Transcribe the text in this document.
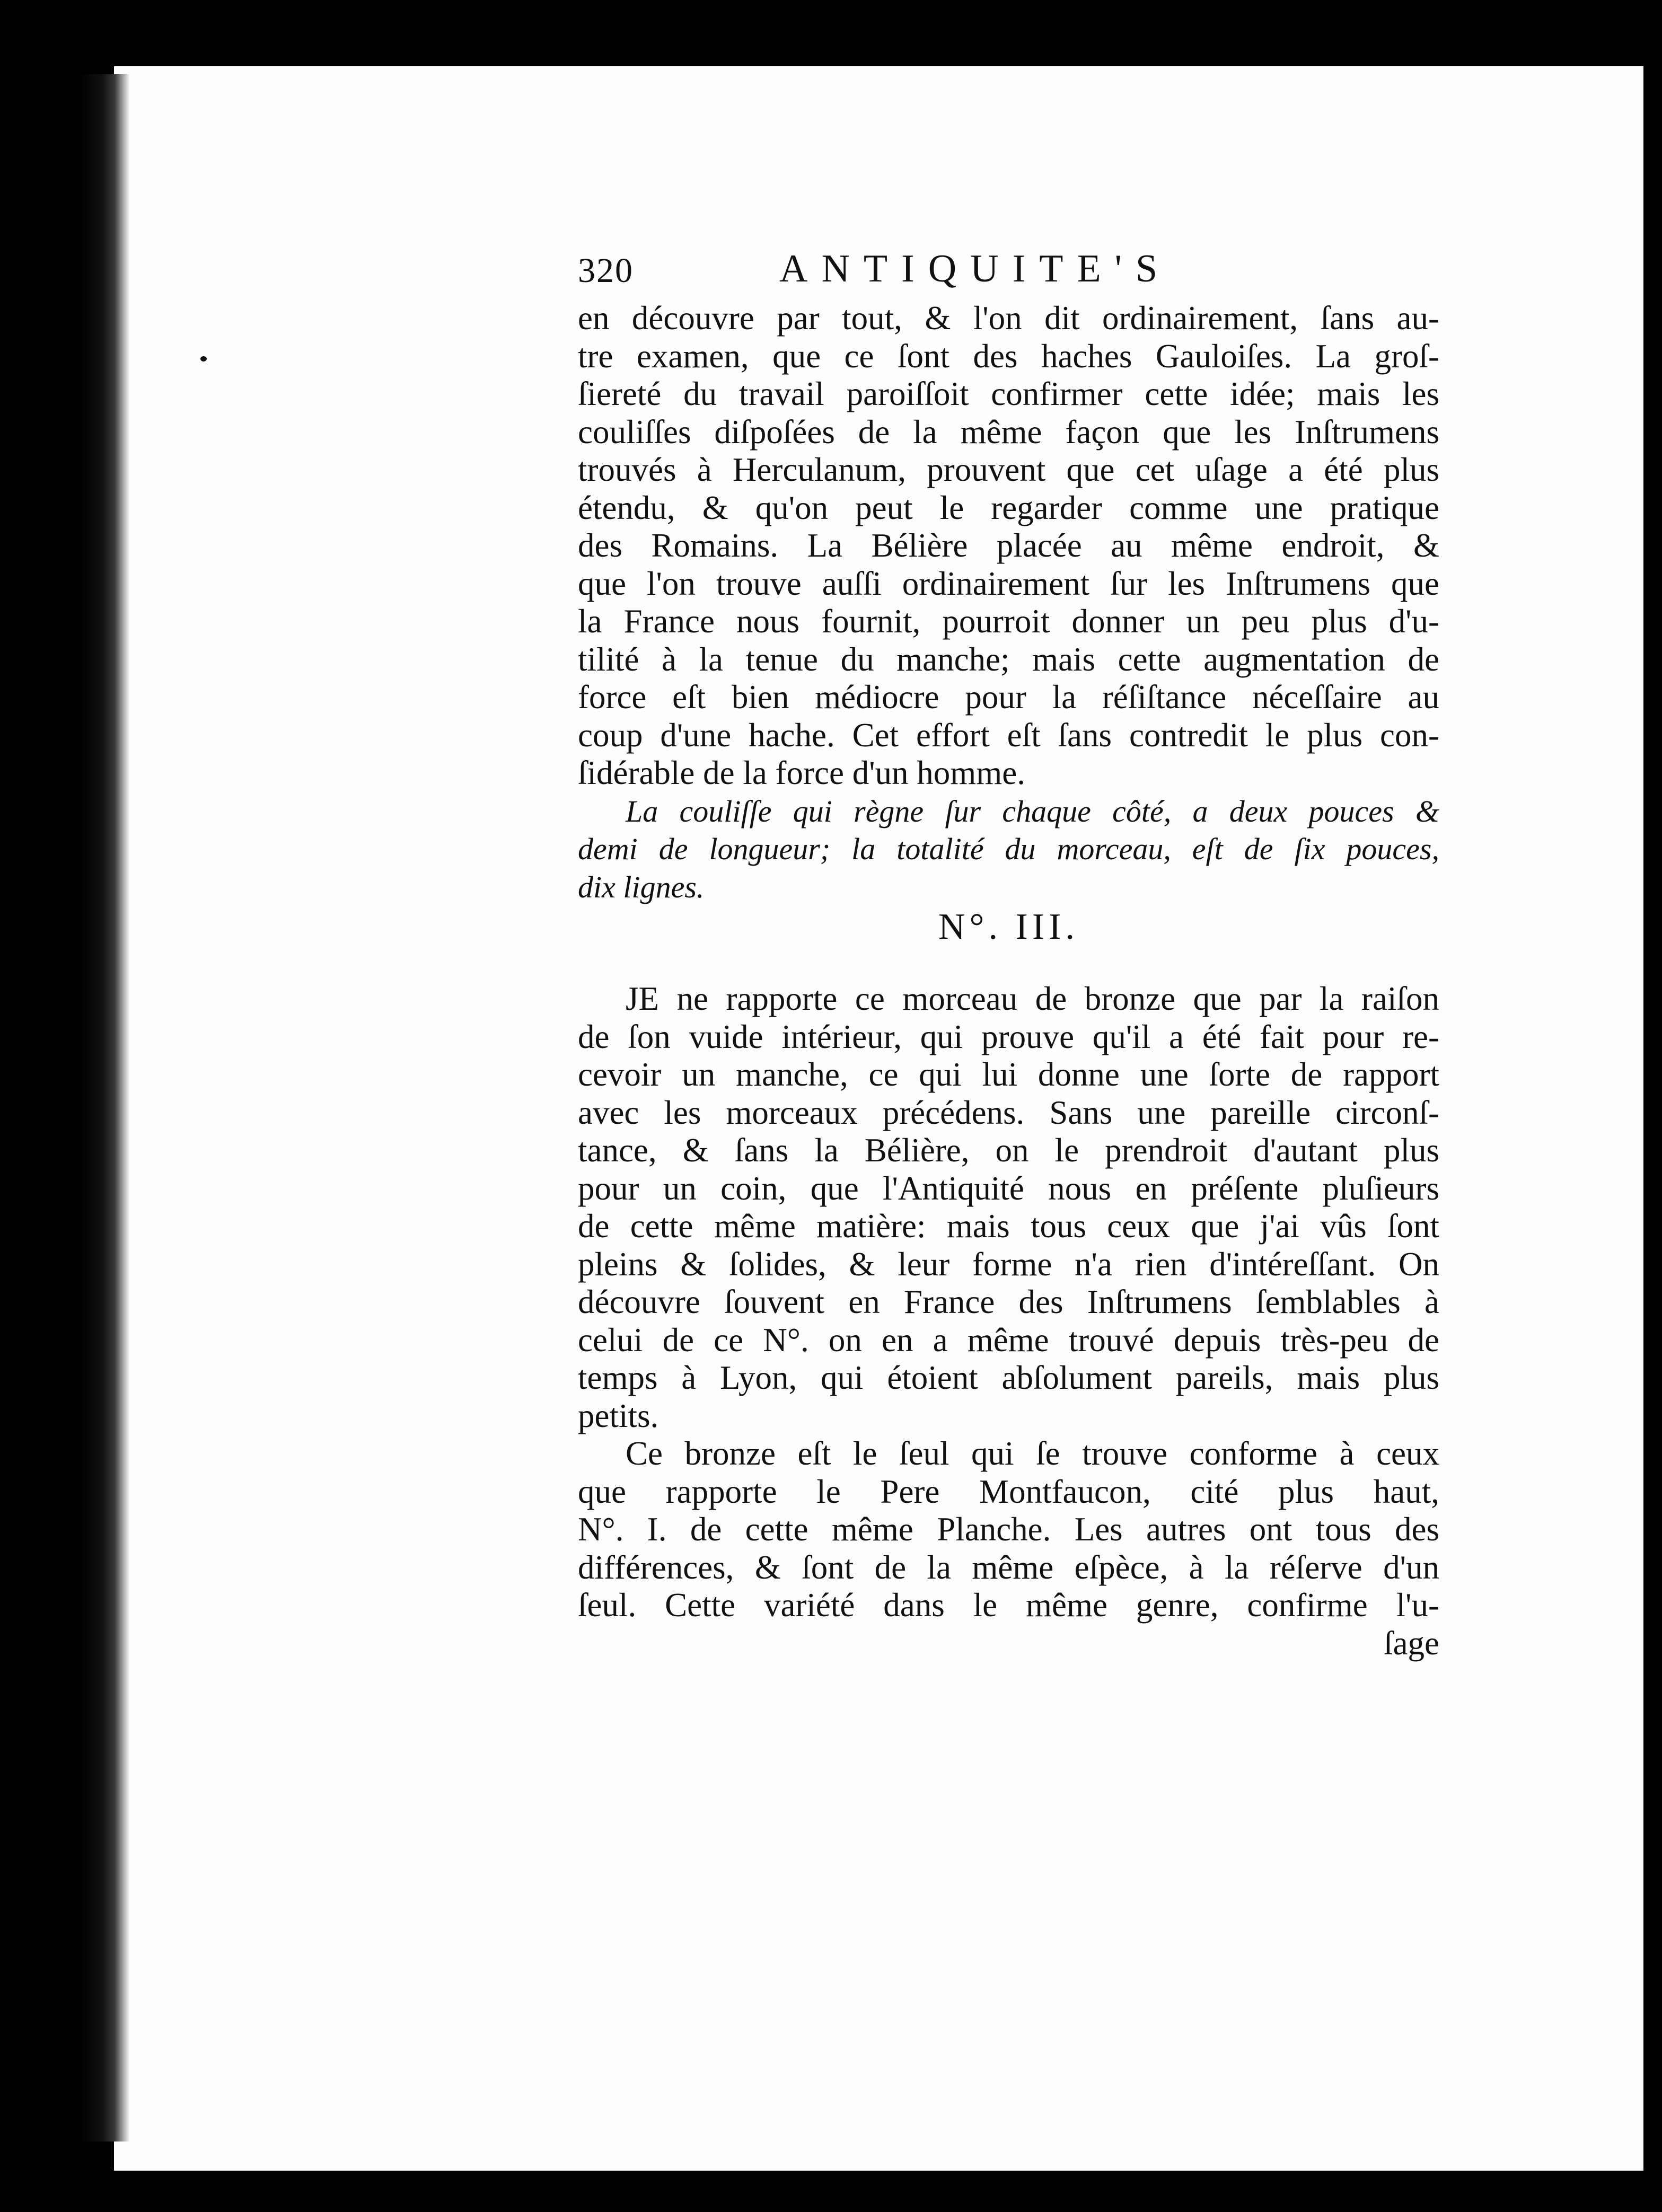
320	ANTIQUITE'S
en découvre par tout, & l'on dit ordinairement, ſans au-
tre examen, que ce ſont des haches Gauloiſes. La groſ-
ſiereté du travail paroiſſoit confirmer cette idée; mais les
couliſſes diſpoſées de la même façon que les Inſtrumens
trouvés à Herculanum, prouvent que cet uſage a été plus
étendu, & qu'on peut le regarder comme une pratique
des Romains. La Bélière placée au même endroit, &
que l'on trouve auſſi ordinairement ſur les Inſtrumens que
la France nous fournit, pourroit donner un peu plus d'u-
tilité à la tenue du manche; mais cette augmentation de
force eſt bien médiocre pour la réſiſtance néceſſaire au
coup d'une hache. Cet effort eſt ſans contredit le plus con-
ſidérable de la force d'un homme.
La couliſſe qui règne ſur chaque côté, a deux pouces &
demi de longueur; la totalité du morceau, eſt de ſix pouces,
dix lignes.
N°. III.
JE ne rapporte ce morceau de bronze que par la raiſon
de ſon vuide intérieur, qui prouve qu'il a été fait pour re-
cevoir un manche, ce qui lui donne une ſorte de rapport
avec les morceaux précédens. Sans une pareille circonſ-
tance, & ſans la Bélière, on le prendroit d'autant plus
pour un coin, que l'Antiquité nous en préſente pluſieurs
de cette même matière: mais tous ceux que j'ai vûs ſont
pleins & ſolides, & leur forme n'a rien d'intéreſſant. On
découvre ſouvent en France des Inſtrumens ſemblables à
celui de ce N°. on en a même trouvé depuis très-peu de
temps à Lyon, qui étoient abſolument pareils, mais plus
petits.
Ce bronze eſt le ſeul qui ſe trouve conforme à ceux
que rapporte le Pere Montfaucon, cité plus haut,
N°. I. de cette même Planche. Les autres ont tous des
différences, & ſont de la même eſpèce, à la réſerve d'un
ſeul. Cette variété dans le même genre, confirme l'u-
ſage
